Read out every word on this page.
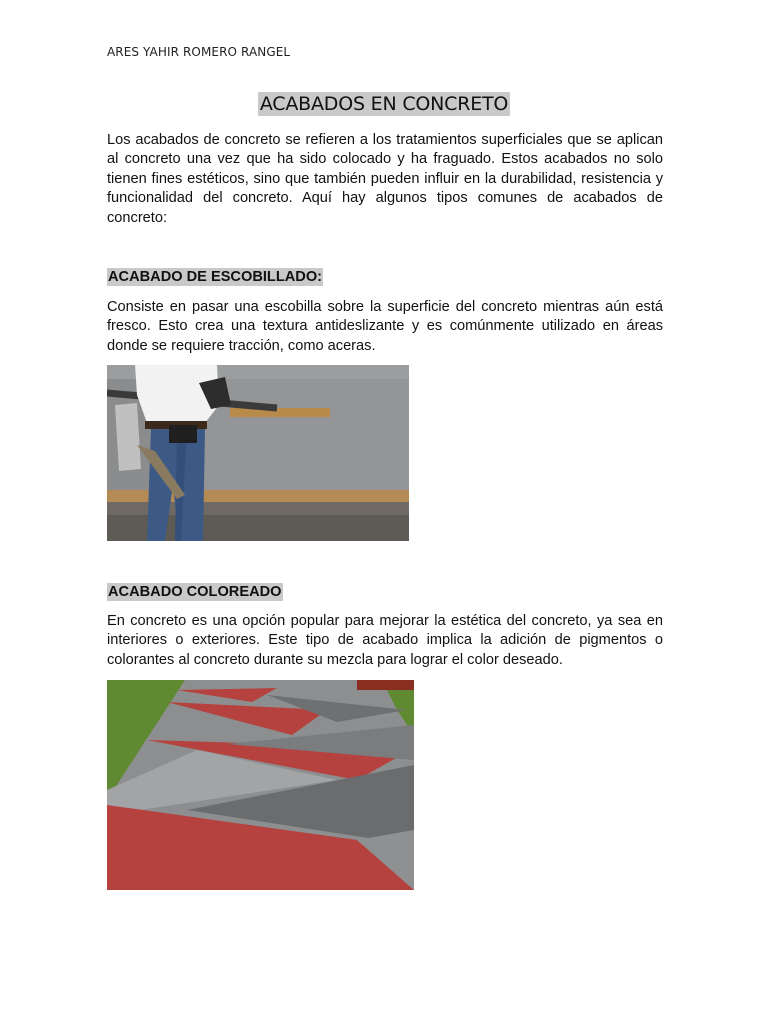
ARES YAHIR ROMERO RANGEL
ACABADOS EN CONCRETO

Los acabados de concreto se refieren a los tratamientos superficiales que se aplican al concreto una vez que ha sido colocado y ha fraguado. Estos acabados no solo tienen fines estéticos, sino que también pueden influir en la durabilidad, resistencia y funcionalidad del concreto. Aquí hay algunos tipos comunes de acabados de concreto:

ACABADO DE ESCOBILLADO:

Consiste en pasar una escobilla sobre la superficie del concreto mientras aún está fresco. Esto crea una textura antideslizante y es comúnmente utilizado en áreas donde se requiere tracción, como aceras.

ACABADO COLOREADO

En concreto es una opción popular para mejorar la estética del concreto, ya sea en interiores o exteriores. Este tipo de acabado implica la adición de pigmentos o colorantes al concreto durante su mezcla para lograr el color deseado.
